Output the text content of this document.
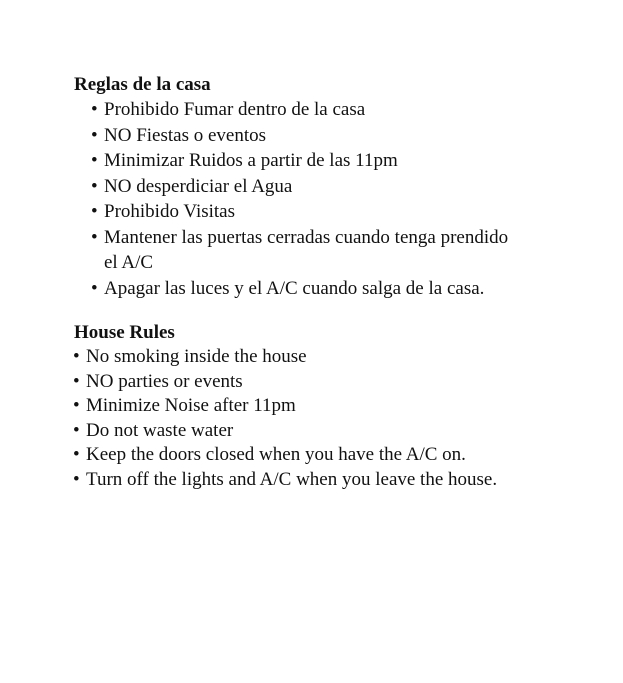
Reglas de la casa
• Prohibido Fumar dentro de la casa
• NO Fiestas o eventos
• Minimizar Ruidos a partir de las 11pm
• NO desperdiciar el Agua
• Prohibido Visitas
• Mantener las puertas cerradas cuando tenga prendido
el A/C
• Apagar las luces y el A/C cuando salga de la casa.
House Rules
• No smoking inside the house
• NO parties or events
• Minimize Noise after 11pm
• Do not waste water
• Keep the doors closed when you have the A/C on.
• Turn off the lights and A/C when you leave the house.
